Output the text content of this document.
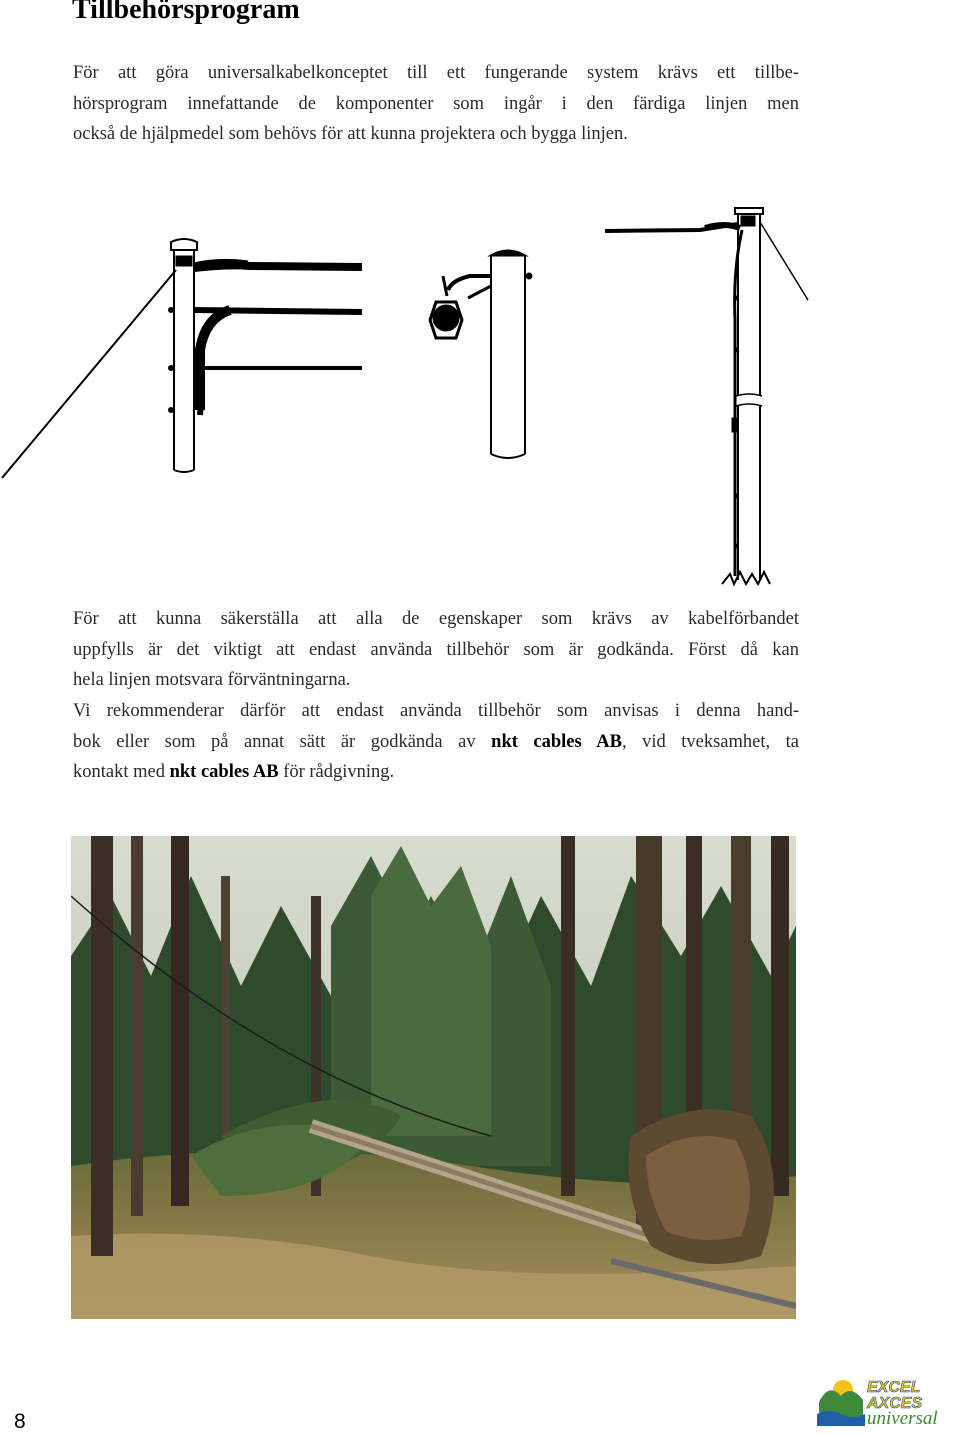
Tillbehörsprogram

För att göra universalkabelkonceptet till ett fungerande system krävs ett tillbe-
hörsprogram innefattande de komponenter som ingår i den färdiga linjen men
också de hjälpmedel som behövs för att kunna projektera och bygga linjen.

För att kunna säkerställa att alla de egenskaper som krävs av kabelförbandet
uppfylls är det viktigt att endast använda tillbehör som är godkända. Först då kan
hela linjen motsvara förväntningarna.

Vi rekommenderar därför att endast använda tillbehör som anvisas i denna hand-
bok eller som på annat sätt är godkända av nkt cables AB, vid tveksamhet, ta
kontakt med nkt cables AB för rådgivning.

8
EXCEL
AXCES
universal
